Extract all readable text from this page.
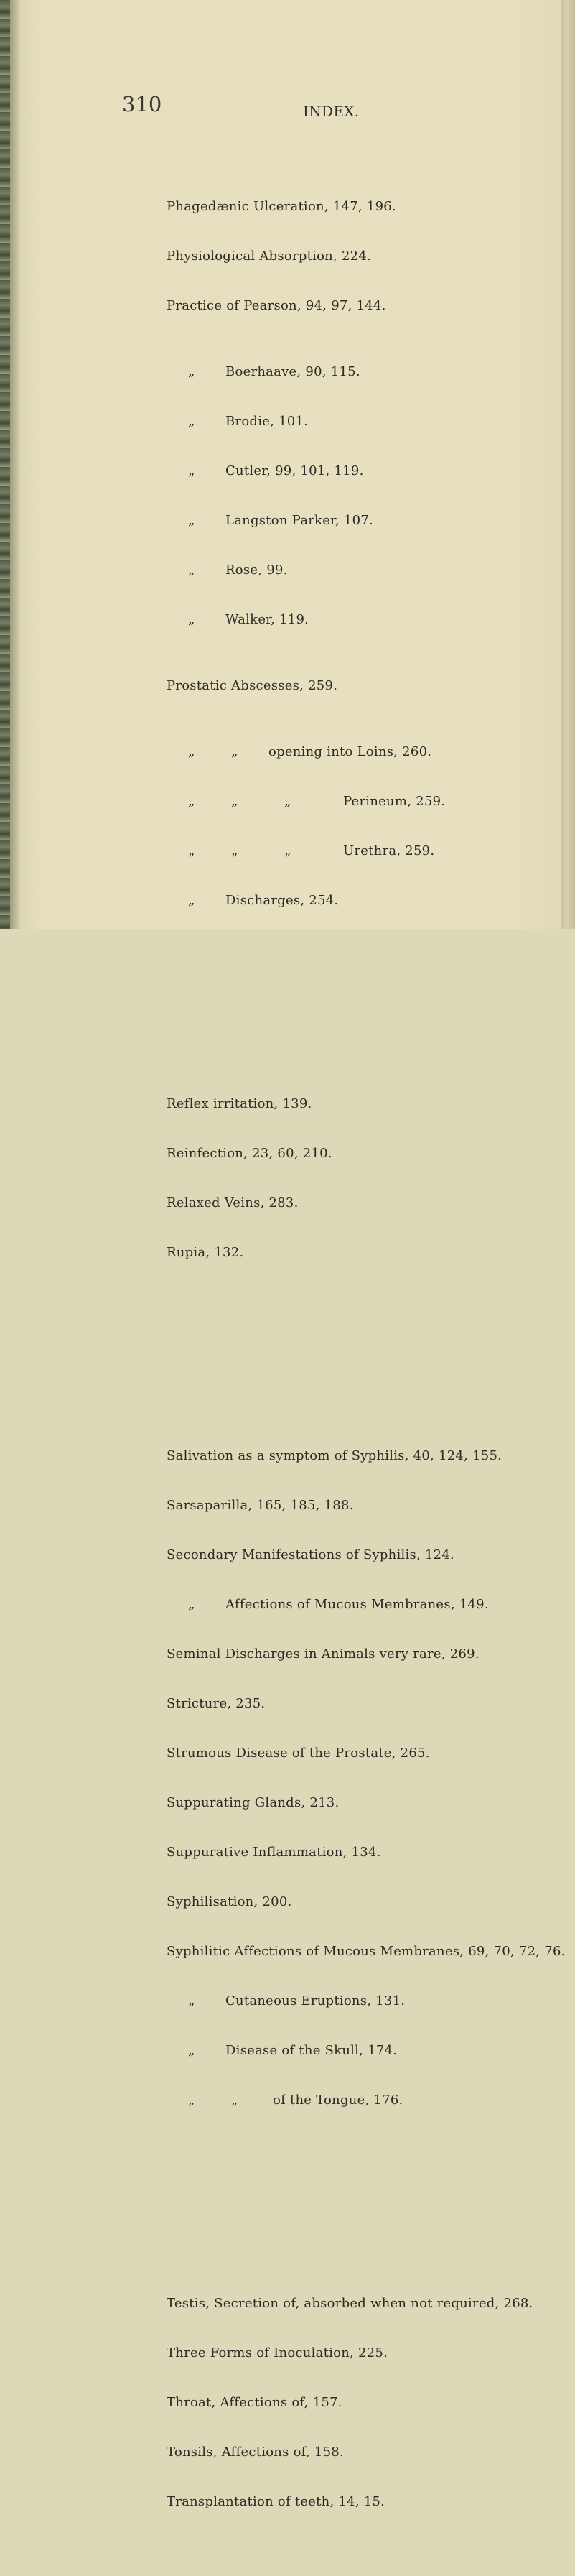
310	INDEX.

Phagedænic Ulceration, 147, 196.

Physiological Absorption, 224.

Practice of Pearson, 94, 97, 144.

„ Boerhaave, 90, 115.

„ Brodie, 101.

„ Cutler, 99, 101, 119.

„ Langston Parker, 107.

„ Rose, 99.

„ Walker, 119.

Prostatic Abscesses, 259.

„	„ opening into Loins, 260.

„	„	„	Perineum, 259.

„	„	„	Urethra, 259.

„ Discharges, 254.

Reflex irritation, 139.

Reinfection, 23, 60, 210.

Relaxed Veins, 283.

Rupia, 132.

Salivation as a symptom of Syphilis, 40, 124, 155.

Sarsaparilla, 165, 185, 188.

Secondary Manifestations of Syphilis, 124.

„ Affections of Mucous Membranes, 149.

Seminal Discharges in Animals very rare, 269.

Stricture, 235.

Strumous Disease of the Prostate, 265.

Suppurating Glands, 213.

Suppurative Inflammation, 134.

Syphilisation, 200.

Syphilitic Affections of Mucous Membranes, 69, 70, 72, 76.

„ Cutaneous Eruptions, 131.

„ Disease of the Skull, 174.

„	„	of the Tongue, 176.

Testis, Secretion of, absorbed when not required, 268.

Three Forms of Inoculation, 225.

Throat, Affections of, 157.

Tonsils, Affections of, 158.

Transplantation of teeth, 14, 15.
